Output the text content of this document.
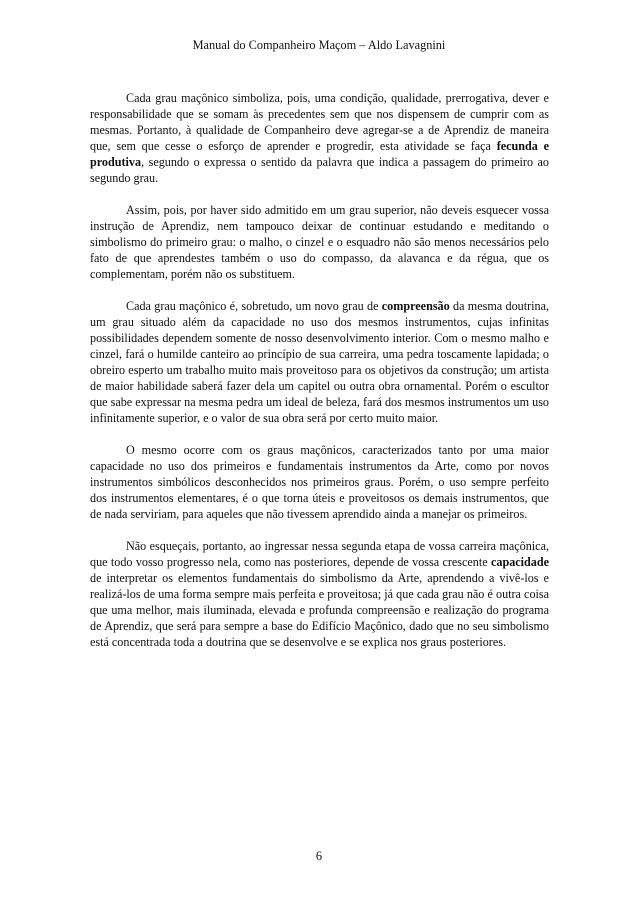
Manual do Companheiro Maçom – Aldo Lavagnini

Cada grau maçônico simboliza, pois, uma condição, qualidade, prerrogativa, dever e responsabilidade que se somam às precedentes sem que nos dispensem de cumprir com as mesmas. Portanto, à qualidade de Companheiro deve agregar-se a de Aprendiz de maneira que, sem que cesse o esforço de aprender e progredir, esta atividade se faça fecunda e produtiva, segundo o expressa o sentido da palavra que indica a passagem do primeiro ao segundo grau.

Assim, pois, por haver sido admitido em um grau superior, não deveis esquecer vossa instrução de Aprendiz, nem tampouco deixar de continuar estudando e meditando o simbolismo do primeiro grau: o malho, o cinzel e o esquadro não são menos necessários pelo fato de que aprendestes também o uso do compasso, da alavanca e da régua, que os complementam, porém não os substituem.

Cada grau maçônico é, sobretudo, um novo grau de compreensão da mesma doutrina, um grau situado além da capacidade no uso dos mesmos instrumentos, cujas infinitas possibilidades dependem somente de nosso desenvolvimento interior. Com o mesmo malho e cinzel, fará o humilde canteiro ao princípio de sua carreira, uma pedra toscamente lapidada; o obreiro esperto um trabalho muito mais proveitoso para os objetivos da construção; um artista de maior habilidade saberá fazer dela um capitel ou outra obra ornamental. Porém o escultor que sabe expressar na mesma pedra um ideal de beleza, fará dos mesmos instrumentos um uso infinitamente superior, e o valor de sua obra será por certo muito maior.

O mesmo ocorre com os graus maçônicos, caracterizados tanto por uma maior capacidade no uso dos primeiros e fundamentais instrumentos da Arte, como por novos instrumentos simbólicos desconhecidos nos primeiros graus. Porém, o uso sempre perfeito dos instrumentos elementares, é o que torna úteis e proveitosos os demais instrumentos, que de nada serviriam, para aqueles que não tivessem aprendido ainda a manejar os primeiros.

Não esqueçais, portanto, ao ingressar nessa segunda etapa de vossa carreira maçônica, que todo vosso progresso nela, como nas posteriores, depende de vossa crescente capacidade de interpretar os elementos fundamentais do simbolismo da Arte, aprendendo a vivê-los e realizá-los de uma forma sempre mais perfeita e proveitosa; já que cada grau não é outra coisa que uma melhor, mais iluminada, elevada e profunda compreensão e realização do programa de Aprendiz, que será para sempre a base do Edifício Maçônico, dado que no seu simbolismo está concentrada toda a doutrina que se desenvolve e se explica nos graus posteriores.

6
